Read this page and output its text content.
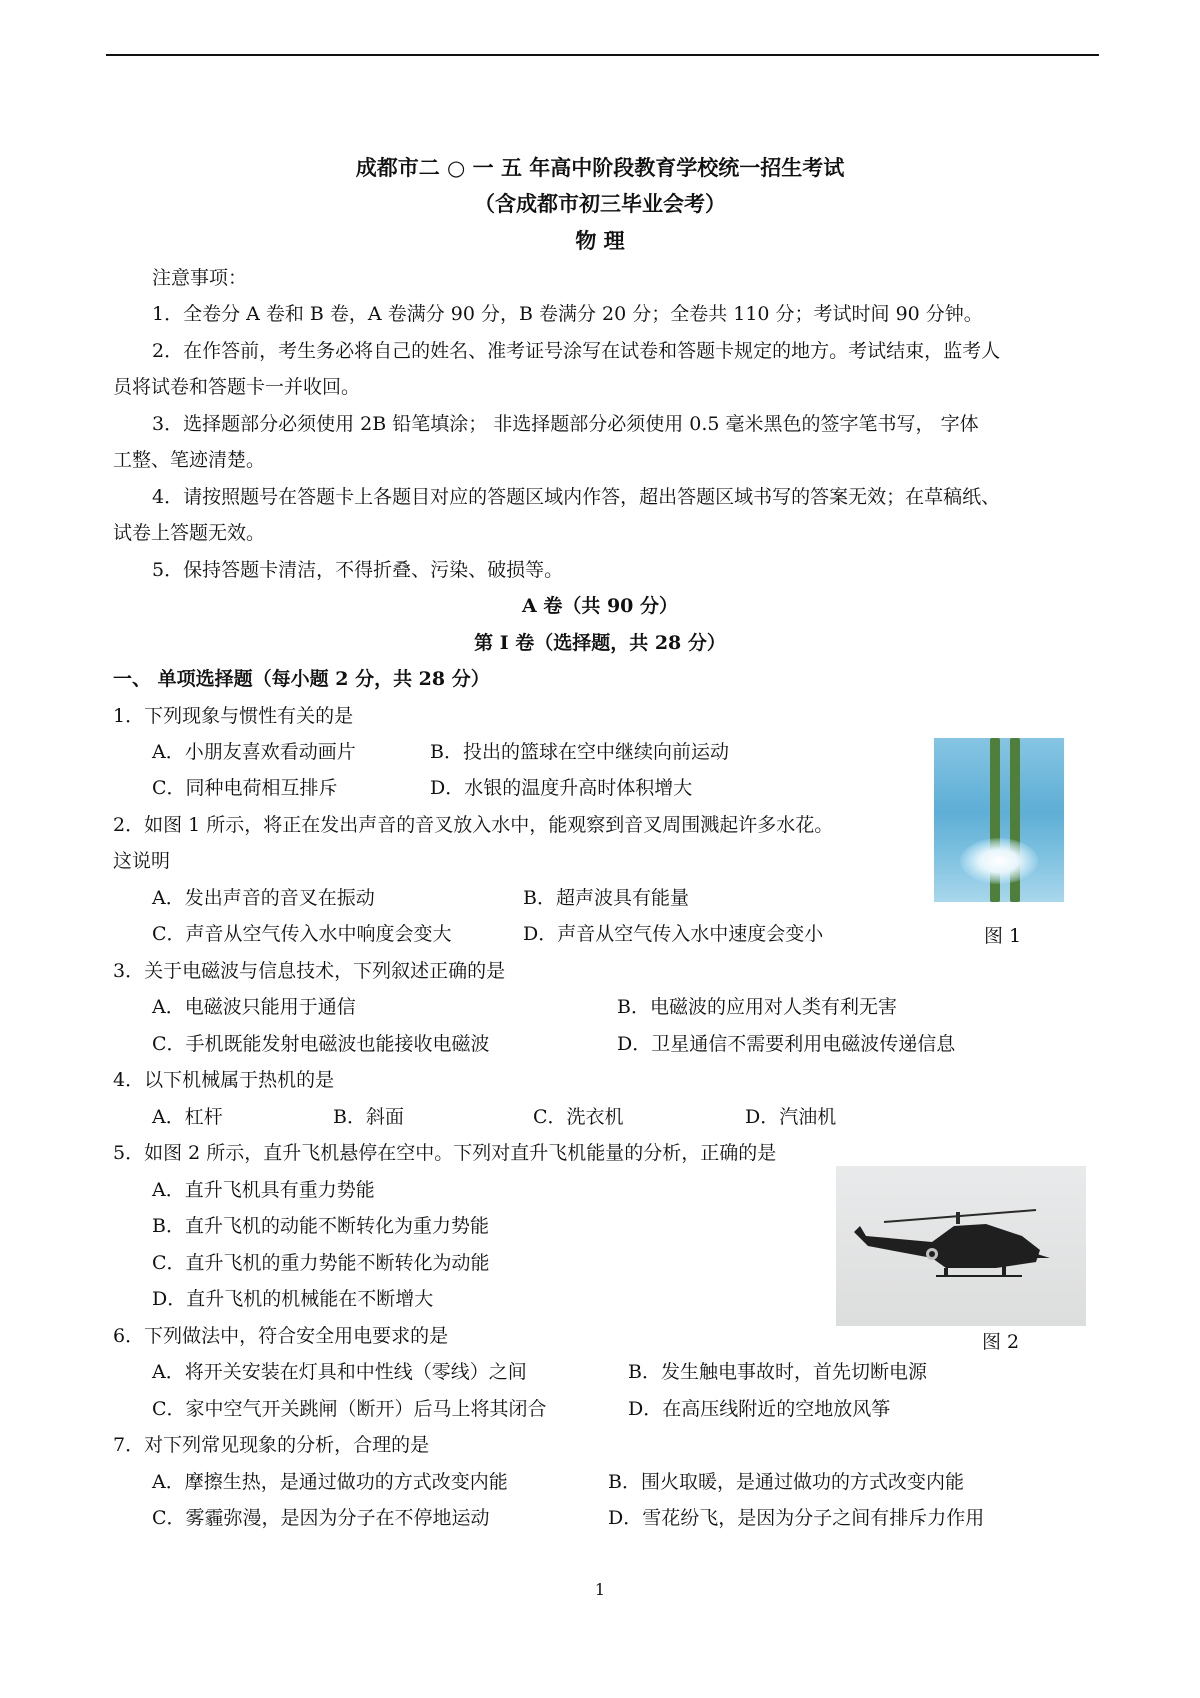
成都市二 ○ 一 五 年高中阶段教育学校统一招生考试
（含成都市初三毕业会考）
物 理
注意事项：
1．全卷分 A 卷和 B 卷，A 卷满分 90 分，B 卷满分 20 分；全卷共 110 分；考试时间 90 分钟。
2．在作答前，考生务必将自己的姓名、准考证号涂写在试卷和答题卡规定的地方。考试结束，监考人
员将试卷和答题卡一并收回。
3．选择题部分必须使用 2B 铅笔填涂； 非选择题部分必须使用 0.5 毫米黑色的签字笔书写， 字体
工整、笔迹清楚。
4．请按照题号在答题卡上各题目对应的答题区域内作答，超出答题区域书写的答案无效；在草稿纸、
试卷上答题无效。
5．保持答题卡清洁，不得折叠、污染、破损等。
A 卷（共 90 分）
第 I 卷（选择题，共 28 分）
一、 单项选择题（每小题 2 分，共 28 分）
1．下列现象与惯性有关的是
A．小朋友喜欢看动画片	B．投出的篮球在空中继续向前运动
C．同种电荷相互排斥	D．水银的温度升高时体积增大
2．如图 1 所示，将正在发出声音的音叉放入水中，能观察到音叉周围溅起许多水花。
这说明
A．发出声音的音叉在振动	B．超声波具有能量
C．声音从空气传入水中响度会变大	D．声音从空气传入水中速度会变小
3．关于电磁波与信息技术，下列叙述正确的是
A．电磁波只能用于通信	B．电磁波的应用对人类有利无害
C．手机既能发射电磁波也能接收电磁波	D．卫星通信不需要利用电磁波传递信息
4．以下机械属于热机的是
A．杠杆	B．斜面	C．洗衣机	D．汽油机
5．如图 2 所示，直升飞机悬停在空中。下列对直升飞机能量的分析，正确的是
A．直升飞机具有重力势能
B．直升飞机的动能不断转化为重力势能
C．直升飞机的重力势能不断转化为动能
D．直升飞机的机械能在不断增大
6．下列做法中，符合安全用电要求的是
A．将开关安装在灯具和中性线（零线）之间	B．发生触电事故时，首先切断电源
C．家中空气开关跳闸（断开）后马上将其闭合	D．在高压线附近的空地放风筝
7．对下列常见现象的分析，合理的是
A．摩擦生热，是通过做功的方式改变内能	B．围火取暖，是通过做功的方式改变内能
C．雾霾弥漫，是因为分子在不停地运动	D．雪花纷飞，是因为分子之间有排斥力作用
图 1
图 2
1
